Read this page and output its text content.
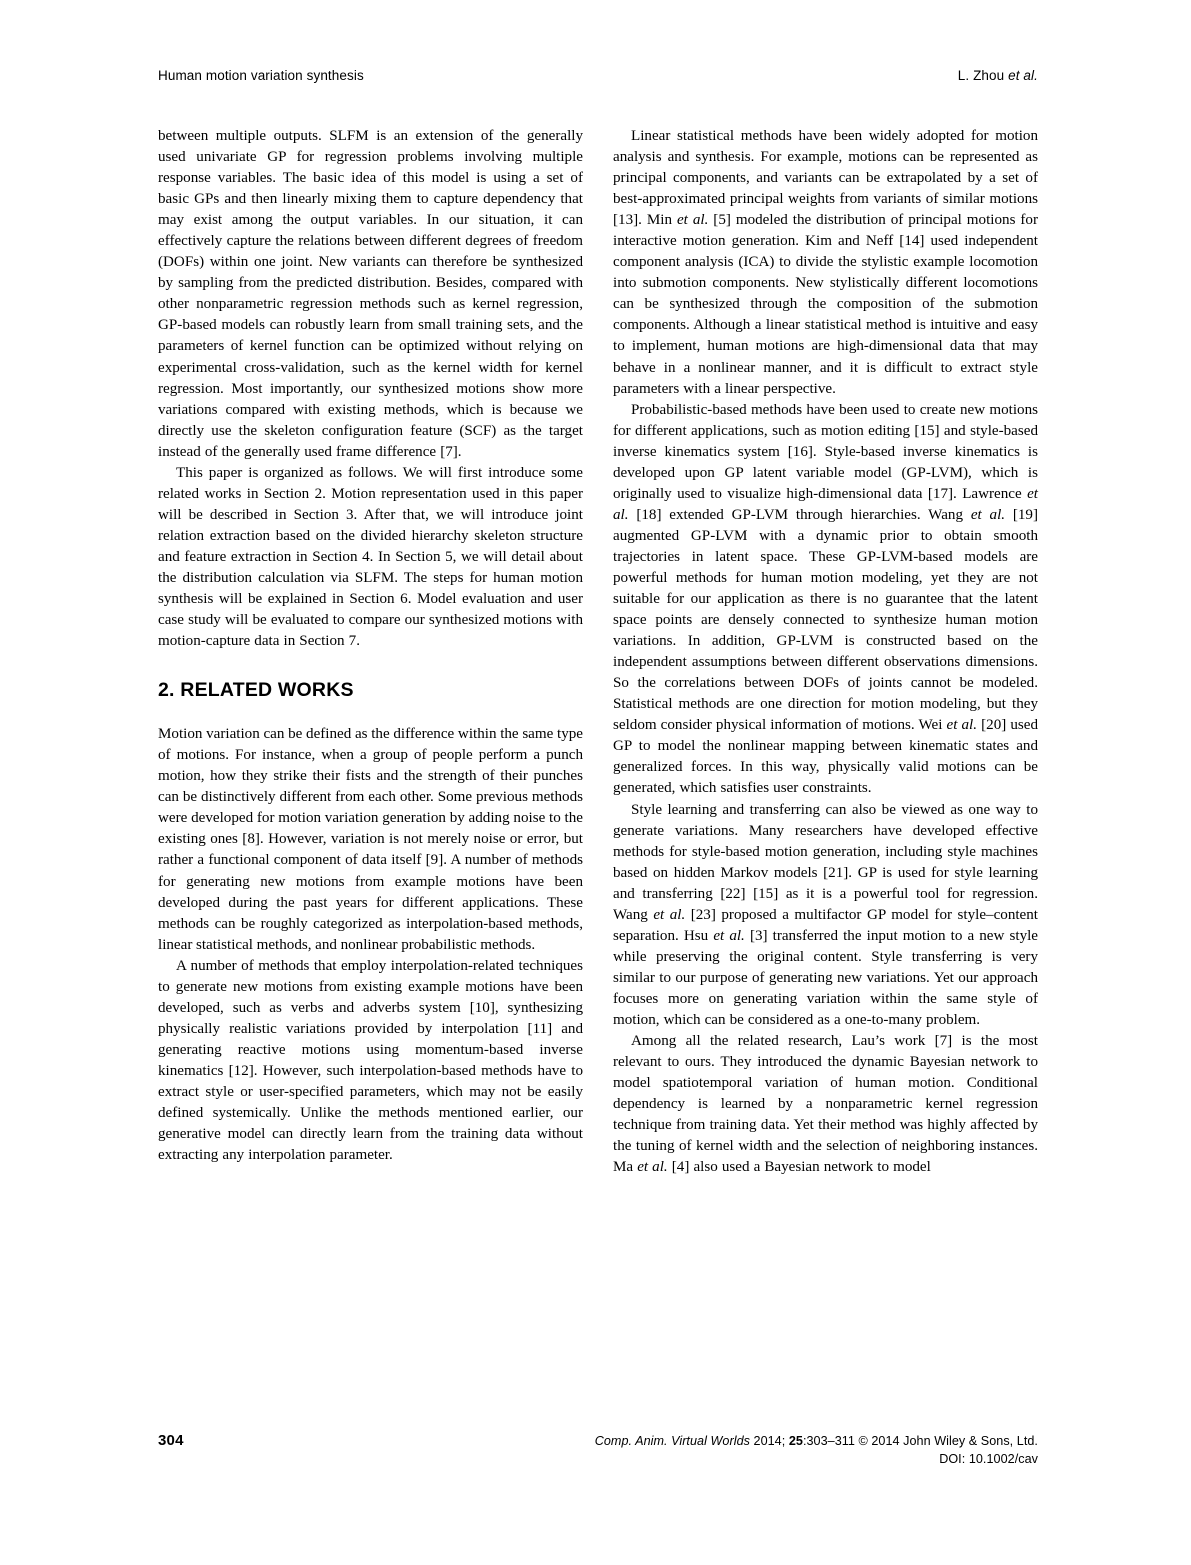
Human motion variation synthesis	L. Zhou et al.

between multiple outputs. SLFM is an extension of the generally used univariate GP for regression problems involving multiple response variables. The basic idea of this model is using a set of basic GPs and then linearly mixing them to capture dependency that may exist among the output variables. In our situation, it can effectively capture the relations between different degrees of freedom (DOFs) within one joint. New variants can therefore be synthesized by sampling from the predicted distribution. Besides, compared with other nonparametric regression methods such as kernel regression, GP-based models can robustly learn from small training sets, and the parameters of kernel function can be optimized without relying on experimental cross-validation, such as the kernel width for kernel regression. Most importantly, our synthesized motions show more variations compared with existing methods, which is because we directly use the skeleton configuration feature (SCF) as the target instead of the generally used frame difference [7].

This paper is organized as follows. We will first introduce some related works in Section 2. Motion representation used in this paper will be described in Section 3. After that, we will introduce joint relation extraction based on the divided hierarchy skeleton structure and feature extraction in Section 4. In Section 5, we will detail about the distribution calculation via SLFM. The steps for human motion synthesis will be explained in Section 6. Model evaluation and user case study will be evaluated to compare our synthesized motions with motion-capture data in Section 7.

2. RELATED WORKS

Motion variation can be defined as the difference within the same type of motions. For instance, when a group of people perform a punch motion, how they strike their fists and the strength of their punches can be distinctively different from each other. Some previous methods were developed for motion variation generation by adding noise to the existing ones [8]. However, variation is not merely noise or error, but rather a functional component of data itself [9]. A number of methods for generating new motions from example motions have been developed during the past years for different applications. These methods can be roughly categorized as interpolation-based methods, linear statistical methods, and nonlinear probabilistic methods.

A number of methods that employ interpolation-related techniques to generate new motions from existing example motions have been developed, such as verbs and adverbs system [10], synthesizing physically realistic variations provided by interpolation [11] and generating reactive motions using momentum-based inverse kinematics [12]. However, such interpolation-based methods have to extract style or user-specified parameters, which may not be easily defined systemically. Unlike the methods mentioned earlier, our generative model can directly learn from the training data without extracting any interpolation parameter.

Linear statistical methods have been widely adopted for motion analysis and synthesis. For example, motions can be represented as principal components, and variants can be extrapolated by a set of best-approximated principal weights from variants of similar motions [13]. Min et al. [5] modeled the distribution of principal motions for interactive motion generation. Kim and Neff [14] used independent component analysis (ICA) to divide the stylistic example locomotion into submotion components. New stylistically different locomotions can be synthesized through the composition of the submotion components. Although a linear statistical method is intuitive and easy to implement, human motions are high-dimensional data that may behave in a nonlinear manner, and it is difficult to extract style parameters with a linear perspective.

Probabilistic-based methods have been used to create new motions for different applications, such as motion editing [15] and style-based inverse kinematics system [16]. Style-based inverse kinematics is developed upon GP latent variable model (GP-LVM), which is originally used to visualize high-dimensional data [17]. Lawrence et al. [18] extended GP-LVM through hierarchies. Wang et al. [19] augmented GP-LVM with a dynamic prior to obtain smooth trajectories in latent space. These GP-LVM-based models are powerful methods for human motion modeling, yet they are not suitable for our application as there is no guarantee that the latent space points are densely connected to synthesize human motion variations. In addition, GP-LVM is constructed based on the independent assumptions between different observations dimensions. So the correlations between DOFs of joints cannot be modeled. Statistical methods are one direction for motion modeling, but they seldom consider physical information of motions. Wei et al. [20] used GP to model the nonlinear mapping between kinematic states and generalized forces. In this way, physically valid motions can be generated, which satisfies user constraints.

Style learning and transferring can also be viewed as one way to generate variations. Many researchers have developed effective methods for style-based motion generation, including style machines based on hidden Markov models [21]. GP is used for style learning and transferring [22] [15] as it is a powerful tool for regression. Wang et al. [23] proposed a multifactor GP model for style–content separation. Hsu et al. [3] transferred the input motion to a new style while preserving the original content. Style transferring is very similar to our purpose of generating new variations. Yet our approach focuses more on generating variation within the same style of motion, which can be considered as a one-to-many problem.

Among all the related research, Lau’s work [7] is the most relevant to ours. They introduced the dynamic Bayesian network to model spatiotemporal variation of human motion. Conditional dependency is learned by a nonparametric kernel regression technique from training data. Yet their method was highly affected by the tuning of kernel width and the selection of neighboring instances. Ma et al. [4] also used a Bayesian network to model

304	Comp. Anim. Virtual Worlds 2014; 25:303–311 © 2014 John Wiley & Sons, Ltd.
DOI: 10.1002/cav
